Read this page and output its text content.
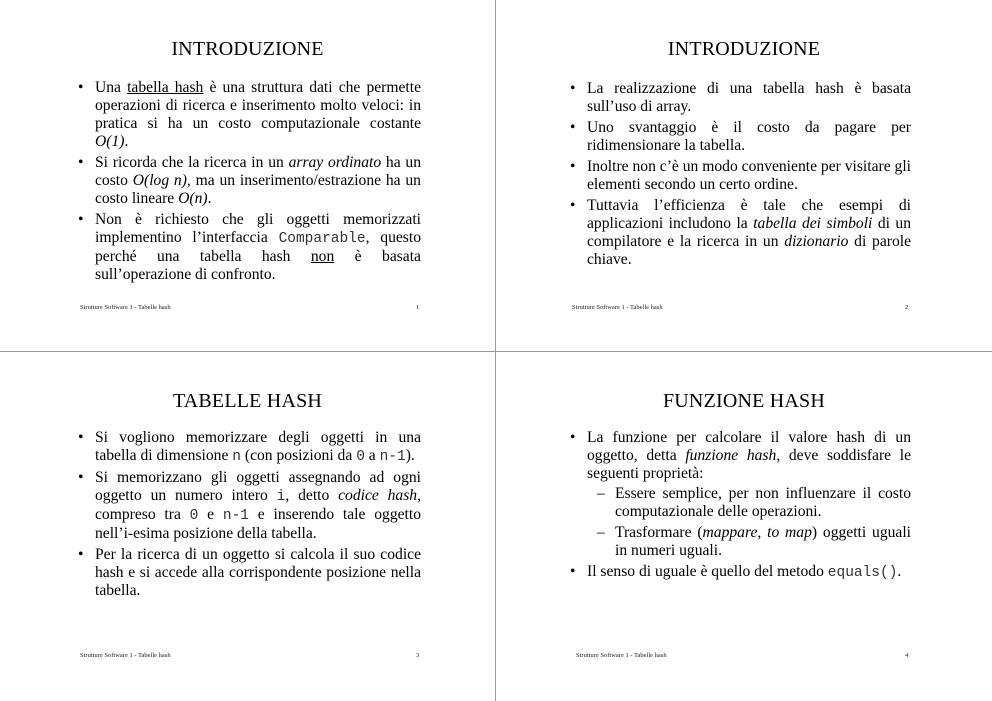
INTRODUZIONE
• Una tabella hash è una struttura dati che permette operazioni di ricerca e inserimento molto veloci: in pratica si ha un costo computazionale costante O(1).
• Si ricorda che la ricerca in un array ordinato ha un costo O(log n), ma un inserimento/estrazione ha un costo lineare O(n).
• Non è richiesto che gli oggetti memorizzati implementino l’interfaccia Comparable, questo perché una tabella hash non è basata sull’operazione di confronto.
Strutture Software 1 - Tabelle hash	1
INTRODUZIONE
• La realizzazione di una tabella hash è basata sull’uso di array.
• Uno svantaggio è il costo da pagare per ridimensionare la tabella.
• Inoltre non c’è un modo conveniente per visitare gli elementi secondo un certo ordine.
• Tuttavia l’efficienza è tale che esempi di applicazioni includono la tabella dei simboli di un compilatore e la ricerca in un dizionario di parole chiave.
Strutture Software 1 - Tabelle hash	2
TABELLE HASH
• Si vogliono memorizzare degli oggetti in una tabella di dimensione n (con posizioni da 0 a n-1).
• Si memorizzano gli oggetti assegnando ad ogni oggetto un numero intero i, detto codice hash, compreso tra 0 e n-1 e inserendo tale oggetto nell’i-esima posizione della tabella.
• Per la ricerca di un oggetto si calcola il suo codice hash e si accede alla corrispondente posizione nella tabella.
Strutture Software 1 - Tabelle hash	3
FUNZIONE HASH
• La funzione per calcolare il valore hash di un oggetto, detta funzione hash, deve soddisfare le seguenti proprietà:
– Essere semplice, per non influenzare il costo computazionale delle operazioni.
– Trasformare (mappare, to map) oggetti uguali in numeri uguali.
• Il senso di uguale è quello del metodo equals().
Strutture Software 1 - Tabelle hash	4
